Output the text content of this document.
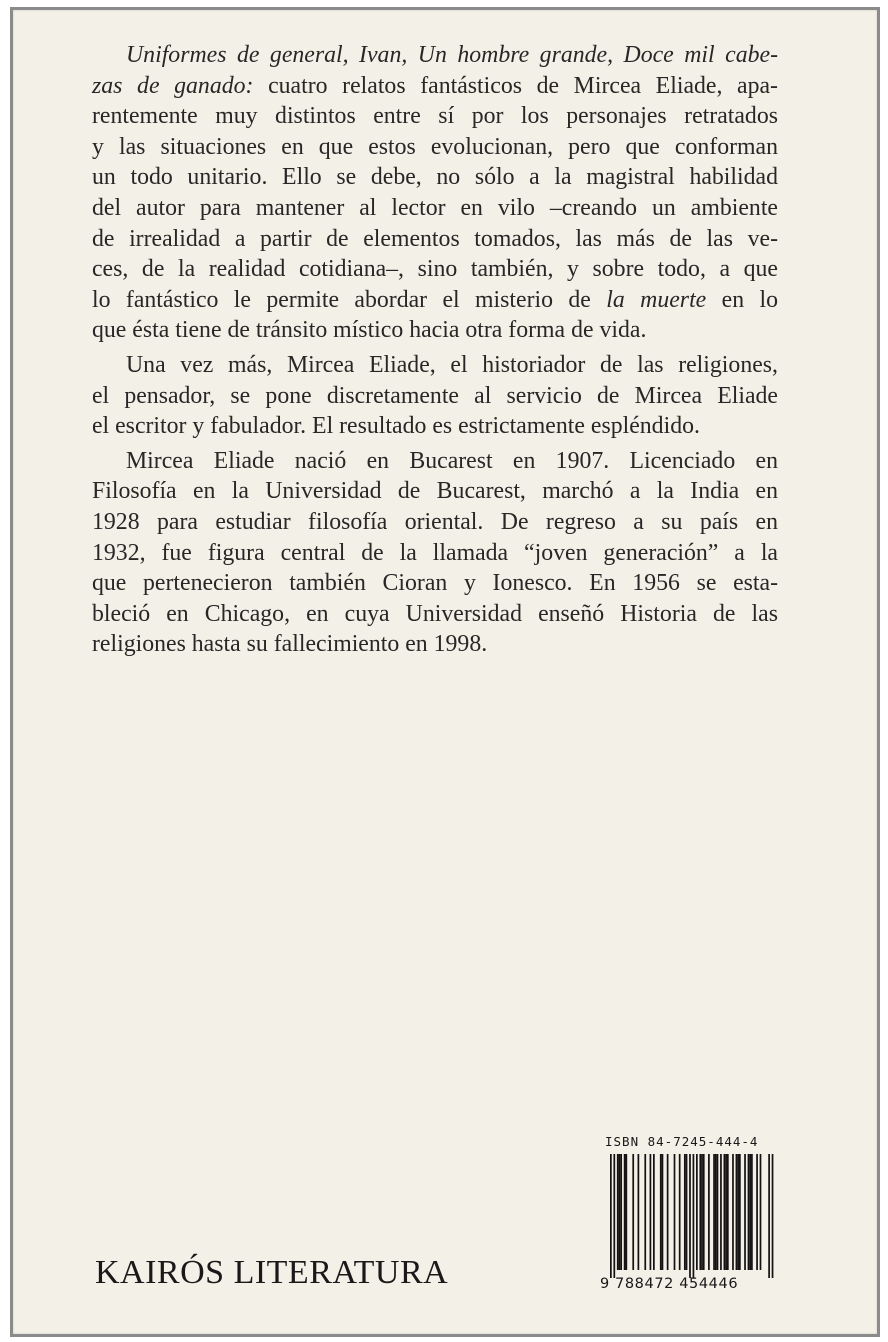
Uniformes de general, Ivan, Un hombre grande, Doce mil cabe-
zas de ganado: cuatro relatos fantásticos de Mircea Eliade, apa-
rentemente muy distintos entre sí por los personajes retratados
y las situaciones en que estos evolucionan, pero que conforman
un todo unitario. Ello se debe, no sólo a la magistral habilidad
del autor para mantener al lector en vilo –creando un ambiente
de irrealidad a partir de elementos tomados, las más de las ve-
ces, de la realidad cotidiana–, sino también, y sobre todo, a que
lo fantástico le permite abordar el misterio de la muerte en lo
que ésta tiene de tránsito místico hacia otra forma de vida.

Una vez más, Mircea Eliade, el historiador de las religiones,
el pensador, se pone discretamente al servicio de Mircea Eliade
el escritor y fabulador. El resultado es estrictamente espléndido.

Mircea Eliade nació en Bucarest en 1907. Licenciado en
Filosofía en la Universidad de Bucarest, marchó a la India en
1928 para estudiar filosofía oriental. De regreso a su país en
1932, fue figura central de la llamada “joven generación” a la
que pertenecieron también Cioran y Ionesco. En 1956 se esta-
bleció en Chicago, en cuya Universidad enseñó Historia de las
religiones hasta su fallecimiento en 1998.

KAIRÓS LITERATURA
ISBN 84-7245-444-4
9 788472 454446
